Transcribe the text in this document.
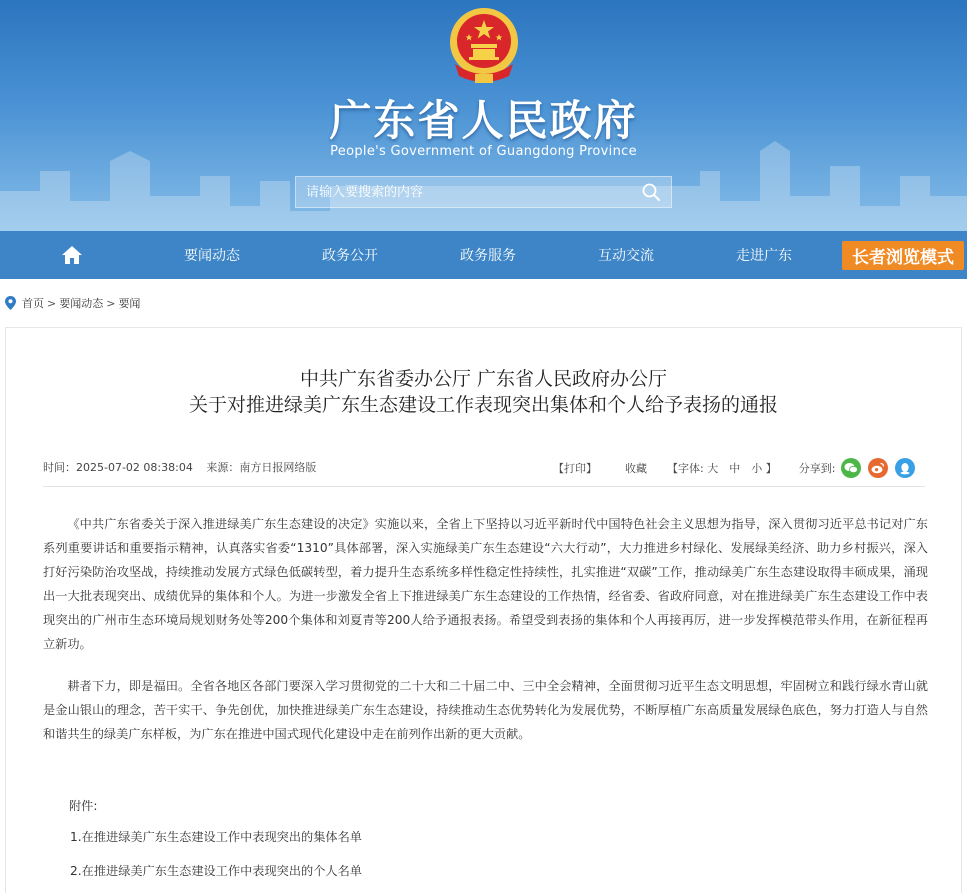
广东省人民政府
People's Government of Guangdong Province
请输入要搜索的内容
要闻动态	政务公开	政务服务	互动交流	走进广东	长者浏览模式
首页 > 要闻动态 > 要闻
中共广东省委办公厅 广东省人民政府办公厅
关于对推进绿美广东生态建设工作表现突出集体和个人给予表扬的通报
时间：2025-07-02 08:38:04 来源：南方日报网络版	【打印】	收藏 【字体: 大　中　小 】 分享到:

《中共广东省委关于深入推进绿美广东生态建设的决定》实施以来，全省上下坚持以习近平新时代中国特色社会主义思想为指导，深入贯彻习近平总书记对广东系列重要讲话和重要指示精神，认真落实省委“1310”具体部署，深入实施绿美广东生态建设“六大行动”，大力推进乡村绿化、发展绿美经济、助力乡村振兴，深入打好污染防治攻坚战，持续推动发展方式绿色低碳转型，着力提升生态系统多样性稳定性持续性，扎实推进“双碳”工作，推动绿美广东生态建设取得丰硕成果，涌现出一大批表现突出、成绩优异的集体和个人。为进一步激发全省上下推进绿美广东生态建设的工作热情，经省委、省政府同意，对在推进绿美广东生态建设工作中表现突出的广州市生态环境局规划财务处等200个集体和刘夏青等200人给予通报表扬。希望受到表扬的集体和个人再接再厉，进一步发挥模范带头作用，在新征程再立新功。

耕者下力，即是福田。全省各地区各部门要深入学习贯彻党的二十大和二十届二中、三中全会精神，全面贯彻习近平生态文明思想，牢固树立和践行绿水青山就是金山银山的理念，苦干实干、争先创优，加快推进绿美广东生态建设，持续推动生态优势转化为发展优势，不断厚植广东高质量发展绿色底色，努力打造人与自然和谐共生的绿美广东样板，为广东在推进中国式现代化建设中走在前列作出新的更大贡献。

附件:
1.在推进绿美广东生态建设工作中表现突出的集体名单
2.在推进绿美广东生态建设工作中表现突出的个人名单
